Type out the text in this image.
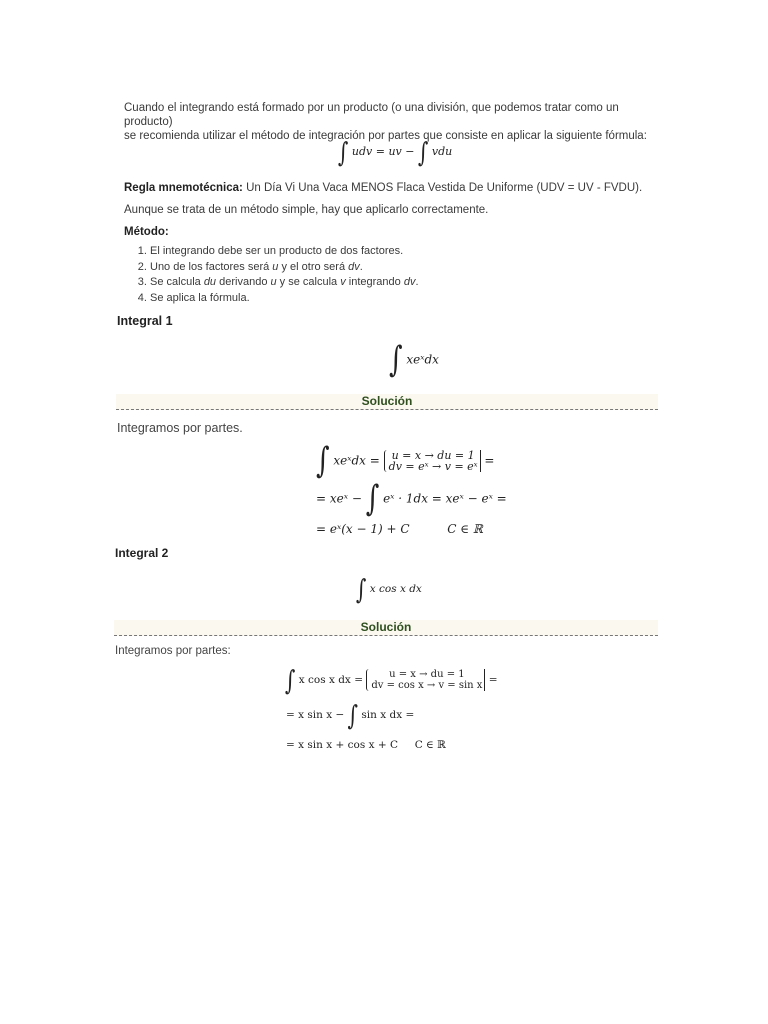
Cuando el integrando está formado por un producto (o una división, que podemos tratar como un producto)
se recomienda utilizar el método de integración por partes que consiste en aplicar la siguiente fórmula:
∫ udv = uv − ∫ vdu
Regla mnemotécnica: Un Día Vi Una Vaca MENOS Flaca Vestida De Uniforme (UDV = UV - FVDU).
Aunque se trata de un método simple, hay que aplicarlo correctamente.
Método:
1. El integrando debe ser un producto de dos factores.
2. Uno de los factores será u y el otro será dv.
3. Se calcula du derivando u y se calcula v integrando dv.
4. Se aplica la fórmula.
Integral 1
∫ xeˣdx
Solución
Integramos por partes.
∫ xeˣdx = u = x → du = 1
dv = eˣ → v = eˣ =
= xeˣ − ∫ eˣ · 1dx = xeˣ − eˣ =
= eˣ(x − 1) + C	C ∈ ℝ
Integral 2
∫ x cos x dx
Solución
Integramos por partes:
∫ x cos x dx =	u = x → du = 1
dv = cos x → v = sin x =
= x sin x − ∫ sin x dx =
= x sin x + cos x + C C ∈ ℝ
